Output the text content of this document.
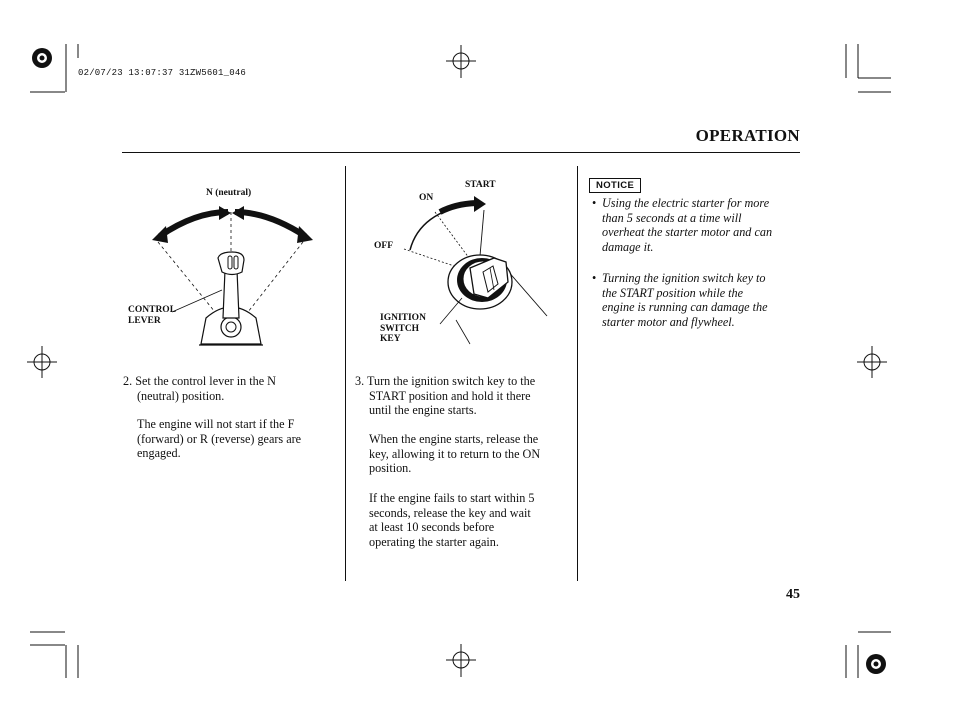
02/07/23 13:07:37 31ZW5601_046
OPERATION
N (neutral)
CONTROL
LEVER
2. Set the control lever in the N
(neutral) position.
The engine will not start if the F
(forward) or R (reverse) gears are
engaged.
START
ON
OFF
IGNITION
SWITCH
KEY
3. Turn the ignition switch key to the
START position and hold it there
until the engine starts.
When the engine starts, release the
key, allowing it to return to the ON
position.
If the engine fails to start within 5
seconds, release the key and wait
at least 10 seconds before
operating the starter again.
NOTICE
• Using the electric starter for more
than 5 seconds at a time will
overheat the starter motor and can
damage it.
• Turning the ignition switch key to
the START position while the
engine is running can damage the
starter motor and flywheel.
45
